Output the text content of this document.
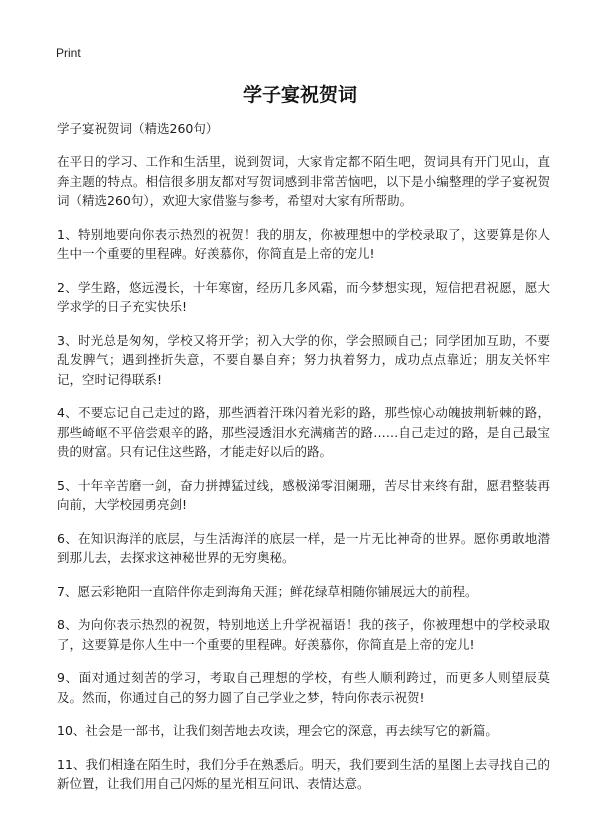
Print
学子宴祝贺词

学子宴祝贺词（精选260句）

在平日的学习、工作和生活里，说到贺词，大家肯定都不陌生吧，贺词具有开门见山，直奔主题的特点。相信很多朋友都对写贺词感到非常苦恼吧，以下是小编整理的学子宴祝贺词（精选260句），欢迎大家借鉴与参考，希望对大家有所帮助。

1、特别地要向你表示热烈的祝贺！我的朋友，你被理想中的学校录取了，这要算是你人生中一个重要的里程碑。好羡慕你，你简直是上帝的宠儿!

2、学生路，悠远漫长，十年寒窗，经历几多风霜，而今梦想实现，短信把君祝愿，愿大学求学的日子充实快乐!

3、时光总是匆匆，学校又将开学；初入大学的你，学会照顾自己；同学团加互助，不要乱发脾气；遇到挫折失意，不要自暴自弃；努力执着努力，成功点点靠近；朋友关怀牢记，空时记得联系!

4、不要忘记自己走过的路，那些洒着汗珠闪着光彩的路，那些惊心动魄披荆斩棘的路，那些崎岖不平倍尝艰辛的路，那些浸透泪水充满痛苦的路……自己走过的路，是自己最宝贵的财富。只有记住这些路，才能走好以后的路。

5、十年辛苦磨一剑，奋力拼搏猛过线，感极涕零泪阑珊，苦尽甘来终有甜，愿君整装再向前，大学校园勇亮剑!

6、在知识海洋的底层，与生活海洋的底层一样，是一片无比神奇的世界。愿你勇敢地潜到那儿去，去探求这神秘世界的无穷奥秘。

7、愿云彩艳阳一直陪伴你走到海角天涯；鲜花绿草相随你铺展远大的前程。

8、为向你表示热烈的祝贺，特别地送上升学祝福语！我的孩子，你被理想中的学校录取了，这要算是你人生中一个重要的里程碑。好羡慕你，你简直是上帝的宠儿!

9、面对通过刻苦的学习，考取自己理想的学校，有些人顺利跨过，而更多人则望辰莫及。然而，你通过自己的努力圆了自己学业之梦，特向你表示祝贺!

10、社会是一部书，让我们刻苦地去攻读，理会它的深意，再去续写它的新篇。

11、我们相逢在陌生时，我们分手在熟悉后。明天，我们要到生活的星图上去寻找自己的新位置，让我们用自己闪烁的星光相互问讯、表情达意。
